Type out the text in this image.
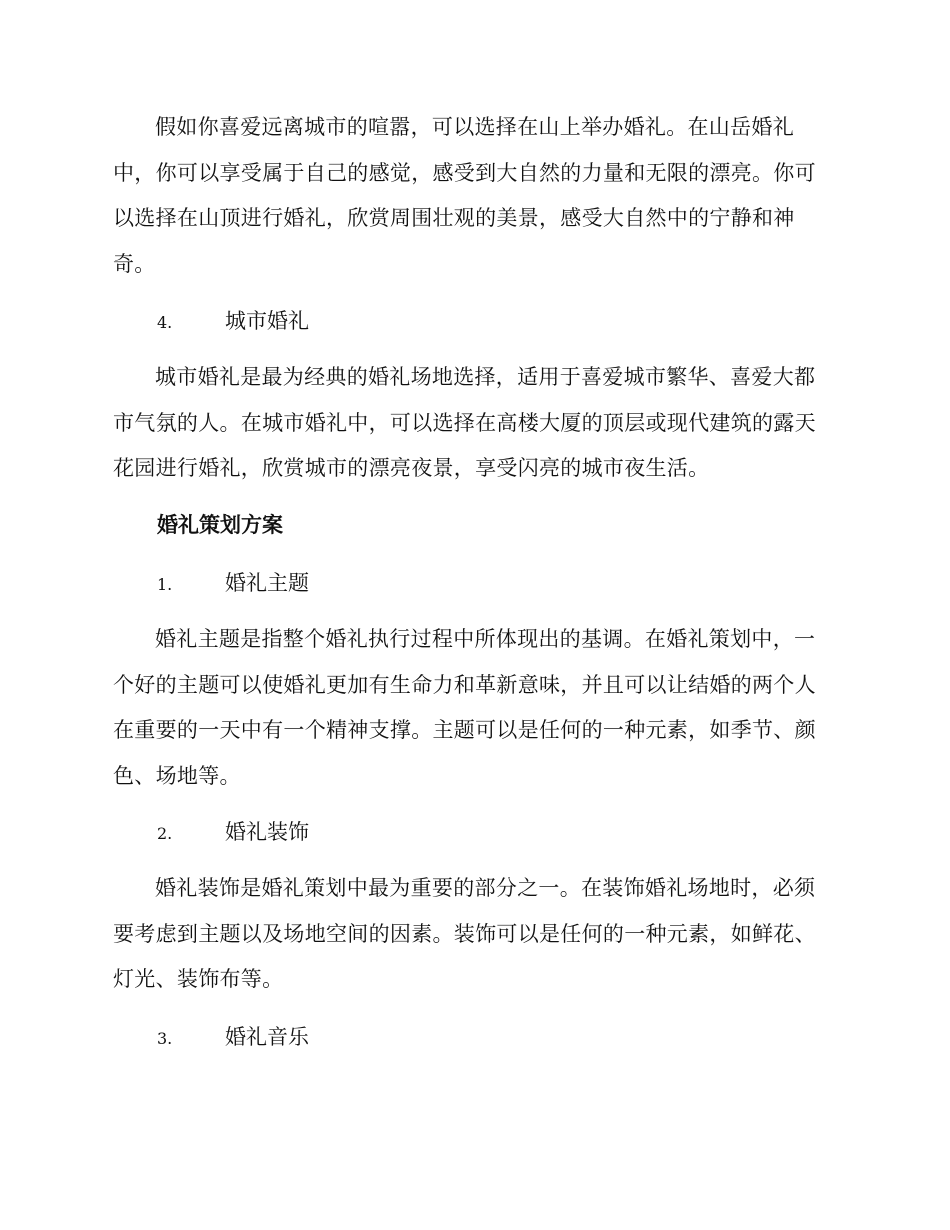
假如你喜爱远离城市的喧嚣，可以选择在山上举办婚礼。在山岳婚礼中，你可以享受属于自己的感觉，感受到大自然的力量和无限的漂亮。你可以选择在山顶进行婚礼，欣赏周围壮观的美景，感受大自然中的宁静和神奇。

4.	城市婚礼

城市婚礼是最为经典的婚礼场地选择，适用于喜爱城市繁华、喜爱大都市气氛的人。在城市婚礼中，可以选择在高楼大厦的顶层或现代建筑的露天花园进行婚礼，欣赏城市的漂亮夜景，享受闪亮的城市夜生活。

婚礼策划方案
1.	婚礼主题

婚礼主题是指整个婚礼执行过程中所体现出的基调。在婚礼策划中，一个好的主题可以使婚礼更加有生命力和革新意味，并且可以让结婚的两个人在重要的一天中有一个精神支撑。主题可以是任何的一种元素，如季节、颜色、场地等。

2.	婚礼装饰

婚礼装饰是婚礼策划中最为重要的部分之一。在装饰婚礼场地时，必须要考虑到主题以及场地空间的因素。装饰可以是任何的一种元素，如鲜花、灯光、装饰布等。

3.	婚礼音乐
